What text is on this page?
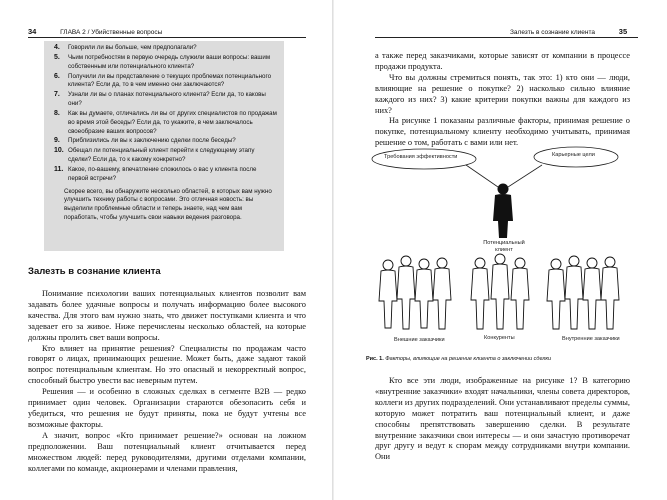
34	ГЛАВА 2 / Убийственные вопросы
4.	Говорили ли вы больше, чем предполагали?
5.	Чьим потребностям в первую очередь служили ваши вопросы: вашим собственным или потенциального клиента?
6.	Получили ли вы представление о текущих проблемах потенциального клиента? Если да, то в чем именно они заключаются?
7.	Узнали ли вы о планах потенциального клиента? Если да, то каковы они?
8.	Как вы думаете, отличались ли вы от других специалистов по продажам во время этой беседы? Если да, то укажите, в чем заключалось своеобразие ваших вопросов?
9.	Приблизились ли вы к заключению сделки после беседы?
10. Обещал ли потенциальный клиент перейти к следующему этапу сделки? Если да, то к какому конкретно?
11. Какое, по-вашему, впечатление сложилось о вас у клиента после первой встречи?
Скорее всего, вы обнаружите несколько областей, в которых вам нужно улучшить технику работы с вопросами. Это отличная новость: вы выделили проблемные области и теперь знаете, над чем вам поработать, чтобы улучшить свои навыки ведения разговора.
Залезть в сознание клиента

Понимание психологии ваших потенциальных клиентов позволит вам задавать более удачные вопросы и получать информацию более высокого качества. Для этого вам нужно знать, что движет поступками клиента и что задевает его за живое. Ниже перечислены несколько областей, на которые должны пролить свет ваши вопросы.

Кто влияет на принятие решения? Специалисты по продажам часто говорят о лицах, принимающих решение. Может быть, даже задают такой вопрос потенциальным клиентам. Но это опасный и некорректный вопрос, способный быстро увести вас неверным путем.

Решения — и особенно в сложных сделках в сегменте B2B — редко принимает один человек. Организации стараются обезопасить себя и убедиться, что решения не будут приняты, пока не будут учтены все возможные факторы.

А значит, вопрос «Кто принимает решение?» основан на ложном предположении. Ваш потенциальный клиент отчитывается перед множеством людей: перед руководителями, другими отделами компании, коллегами по команде, акционерами и членами правления,

Залезть в сознание клиента	35

а также перед заказчиками, которые зависят от компании в процессе продажи продукта.

Что вы должны стремиться понять, так это: 1) кто они — люди, влияющие на решение о покупке? 2) насколько сильно влияние каждого из них? 3) какие критерии покупки важны для каждого из них?

На рисунке 1 показаны различные факторы, принимая решение о покупке, потенциальному клиенту необходимо учитывать, принимая решение о том, работать с вами или нет.

Требования эффективности	Карьерные цели
Потенциальный клиент
Внешние заказчики	Конкуренты	Внутренние заказчики
Рис. 1. Факторы, влияющие на решение клиента о заключении сделки

Кто все эти люди, изображенные на рисунке 1? В категорию «внутренние заказчики» входят начальники, члены совета директоров, коллеги из других подразделений. Они устанавливают пределы суммы, которую может потратить ваш потенциальный клиент, и даже способны препятствовать завершению сделки. В результате внутренние заказчики свои интересы — и они зачастую противоречат друг другу и ведут к спорам между сотрудниками внутри компании. Они
